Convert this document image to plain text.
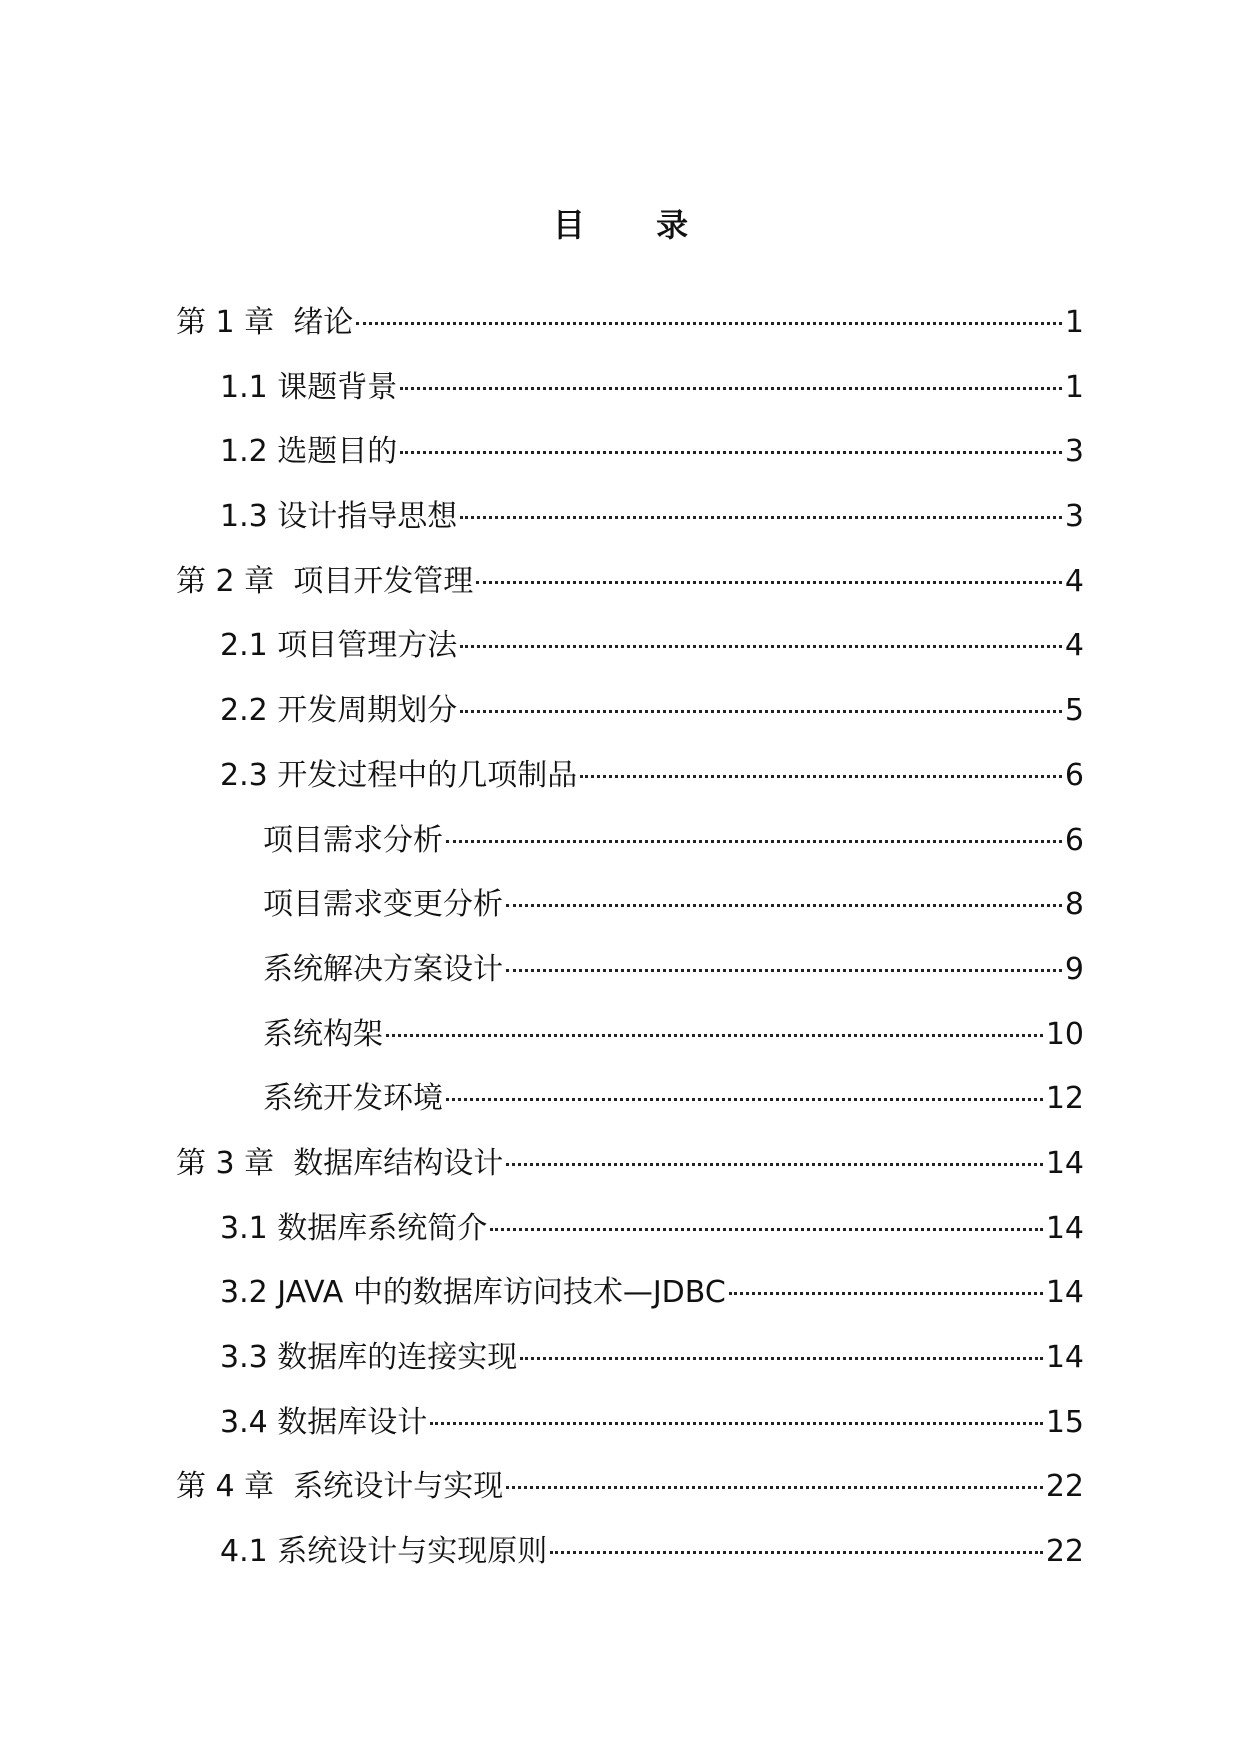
目 录
第 1 章  绪论	1
1.1 课题背景	1
1.2 选题目的	3
1.3 设计指导思想	3
第 2 章  项目开发管理	4
2.1 项目管理方法	4
2.2 开发周期划分	5
2.3 开发过程中的几项制品	6
项目需求分析	6
项目需求变更分析	8
系统解决方案设计	9
系统构架	10
系统开发环境	12
第 3 章  数据库结构设计	14
3.1 数据库系统简介	14
3.2 JAVA 中的数据库访问技术—JDBC	14
3.3 数据库的连接实现	14
3.4 数据库设计	15
第 4 章  系统设计与实现	22
4.1 系统设计与实现原则	22
